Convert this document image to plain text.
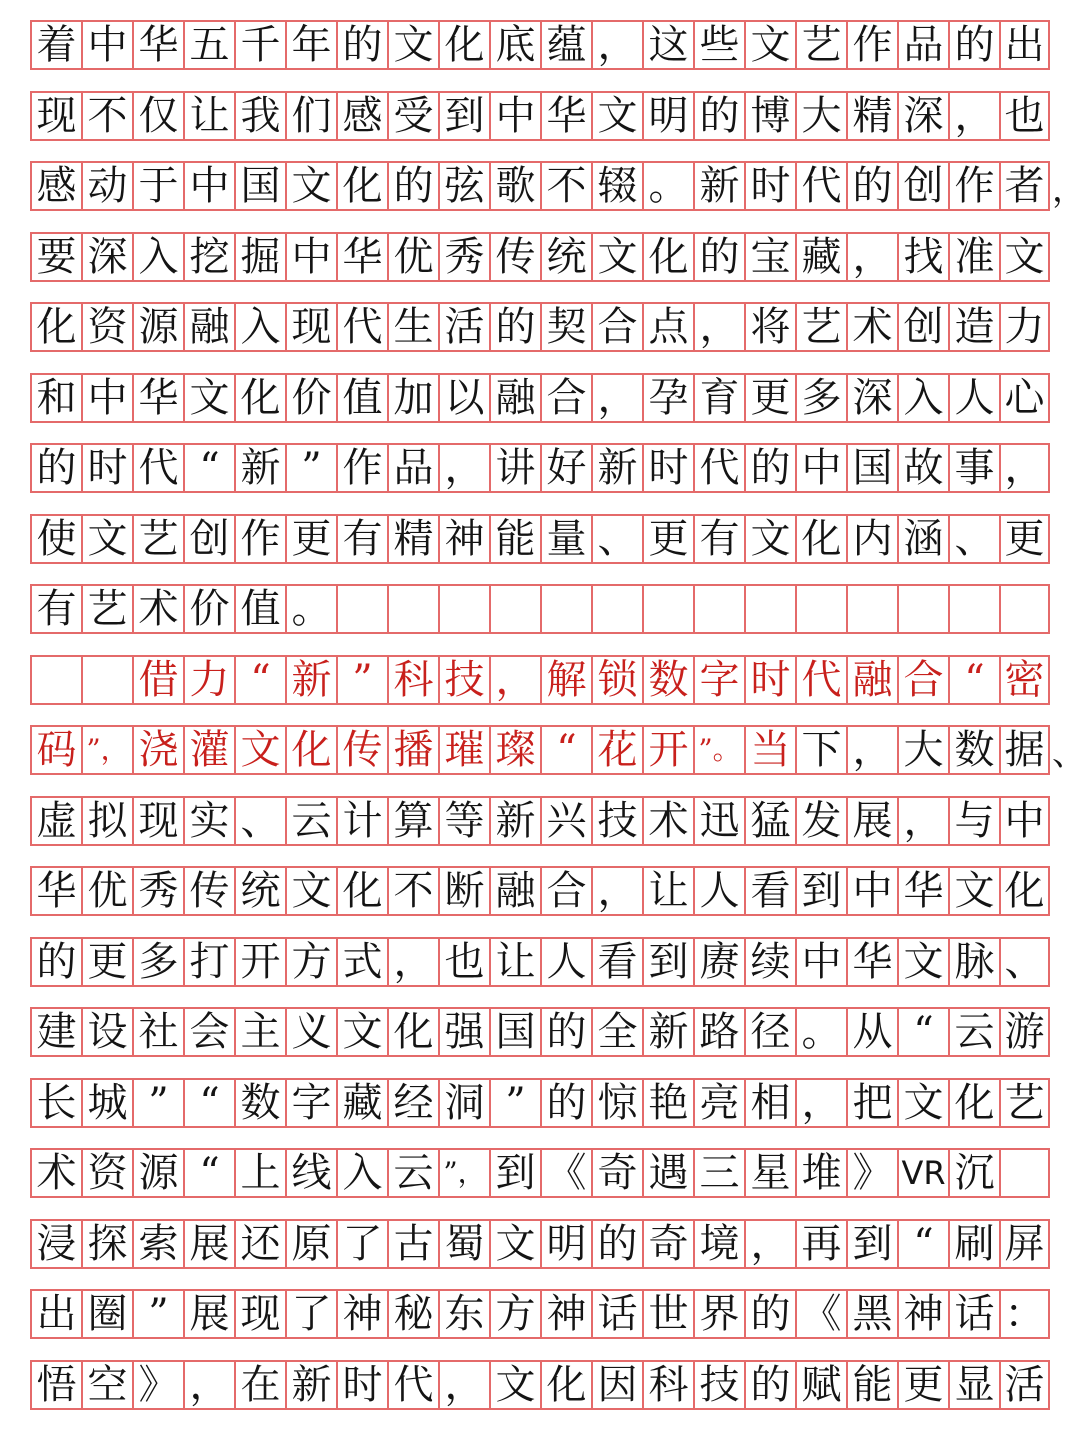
着 中 华 五 千 年 的 文 化 底 蕴 ， 这 些 文 艺 作 品 的 出
现 不 仅 让 我 们 感 受 到 中 华 文 明 的 博 大 精 深 ， 也
感 动 于 中 国 文 化 的 弦 歌 不 辍 。 新 时 代 的 创 作 者 ，
要 深 入 挖 掘 中 华 优 秀 传 统 文 化 的 宝 藏 ， 找 准 文
化 资 源 融 入 现 代 生 活 的 契 合 点 ， 将 艺 术 创 造 力
和 中 华 文 化 价 值 加 以 融 合 ， 孕 育 更 多 深 入 人 心
的 时 代 “ 新 ” 作 品 ， 讲 好 新 时 代 的 中 国 故 事 ，
使 文 艺 创 作 更 有 精 神 能 量 、 更 有 文 化 内 涵 、 更
有 艺 术 价 值 。
借 力 “ 新 ” 科 技 ， 解 锁 数 字 时 代 融 合 “ 密
码 ”， 浇 灌 文 化 传 播 璀 璨 “ 花 开 ”。 当 下 ， 大 数 据 、
虚 拟 现 实 、 云 计 算 等 新 兴 技 术 迅 猛 发 展 ， 与 中
华 优 秀 传 统 文 化 不 断 融 合 ， 让 人 看 到 中 华 文 化
的 更 多 打 开 方 式 ， 也 让 人 看 到 赓 续 中 华 文 脉 、
建 设 社 会 主 义 文 化 强 国 的 全 新 路 径 。 从 “ 云 游
长 城 ” “ 数 字 藏 经 洞 ” 的 惊 艳 亮 相 ， 把 文 化 艺
术 资 源 “ 上 线 入 云 ”， 到 《 奇 遇 三 星 堆 》 VR 沉
浸 探 索 展 还 原 了 古 蜀 文 明 的 奇 境 ， 再 到 “ 刷 屏
出 圈 ” 展 现 了 神 秘 东 方 神 话 世 界 的 《 黑 神 话 ：
悟 空 》 ， 在 新 时 代 ， 文 化 因 科 技 的 赋 能 更 显 活
